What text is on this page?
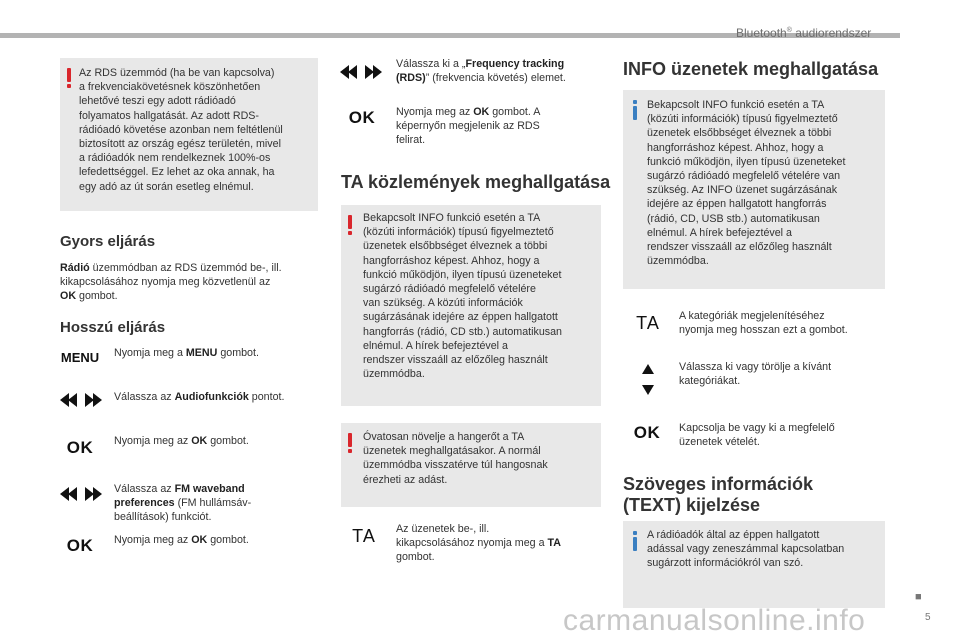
Bluetooth® audiorendszer

Az RDS üzemmód (ha be van kapcsolva)
a frekvenciakövetésnek köszönhetően
lehetővé teszi egy adott rádióadó
folyamatos hallgatását. Az adott RDS-
rádióadó követése azonban nem feltétlenül
biztosított az ország egész területén, mivel
a rádióadók nem rendelkeznek 100%-os
lefedettséggel. Ez lehet az oka annak, ha
egy adó az út során esetleg elnémul.

Gyors eljárás

Rádió üzemmódban az RDS üzemmód be-, ill.
kikapcsolásához nyomja meg közvetlenül az
OK gombot.

Hosszú eljárás
MENU Nyomja meg a MENU gombot.

Válassza az Audiofunkciók pontot.

OK	Nyomja meg az OK gombot.

Válassza az FM waveband
preferences (FM hullámsáv-
beállítások) funkciót.

OK	Nyomja meg az OK gombot.

Válassza ki a „Frequency tracking
(RDS)” (frekvencia követés) elemet.

OK	Nyomja meg az OK gombot. A
képernyőn megjelenik az RDS
felirat.

TA közlemények meghallgatása

Bekapcsolt INFO funkció esetén a TA
(közúti információk) típusú figyelmeztető
üzenetek elsőbbséget élveznek a többi
hangforráshoz képest. Ahhoz, hogy a
funkció működjön, ilyen típusú üzeneteket
sugárzó rádióadó megfelelő vételére
van szükség. A közúti információk
sugárzásának idejére az éppen hallgatott
hangforrás (rádió, CD stb.) automatikusan
elnémul. A hírek befejeztével a
rendszer visszaáll az előzőleg használt
üzemmódba.

Óvatosan növelje a hangerőt a TA
üzenetek meghallgatásakor. A normál
üzemmódba visszatérve túl hangosnak
érezheti az adást.

TA	Az üzenetek be-, ill.
kikapcsolásához nyomja meg a TA
gombot.

INFO üzenetek meghallgatása

Bekapcsolt INFO funkció esetén a TA
(közúti információk) típusú figyelmeztető
üzenetek elsőbbséget élveznek a többi
hangforráshoz képest. Ahhoz, hogy a
funkció működjön, ilyen típusú üzeneteket
sugárzó rádióadó megfelelő vételére van
szükség. Az INFO üzenet sugárzásának
idejére az éppen hallgatott hangforrás
(rádió, CD, USB stb.) automatikusan
elnémul. A hírek befejeztével a
rendszer visszaáll az előzőleg használt
üzemmódba.

TA	A kategóriák megjelenítéséhez
nyomja meg hosszan ezt a gombot.

Válassza ki vagy törölje a kívánt
kategóriákat.

OK	Kapcsolja be vagy ki a megfelelő
üzenetek vételét.

Szöveges információk
(TEXT) kijelzése

A rádióadók által az éppen hallgatott
adással vagy zeneszámmal kapcsolatban
sugárzott információkról van szó.

■
5
carmanualsonline.info
